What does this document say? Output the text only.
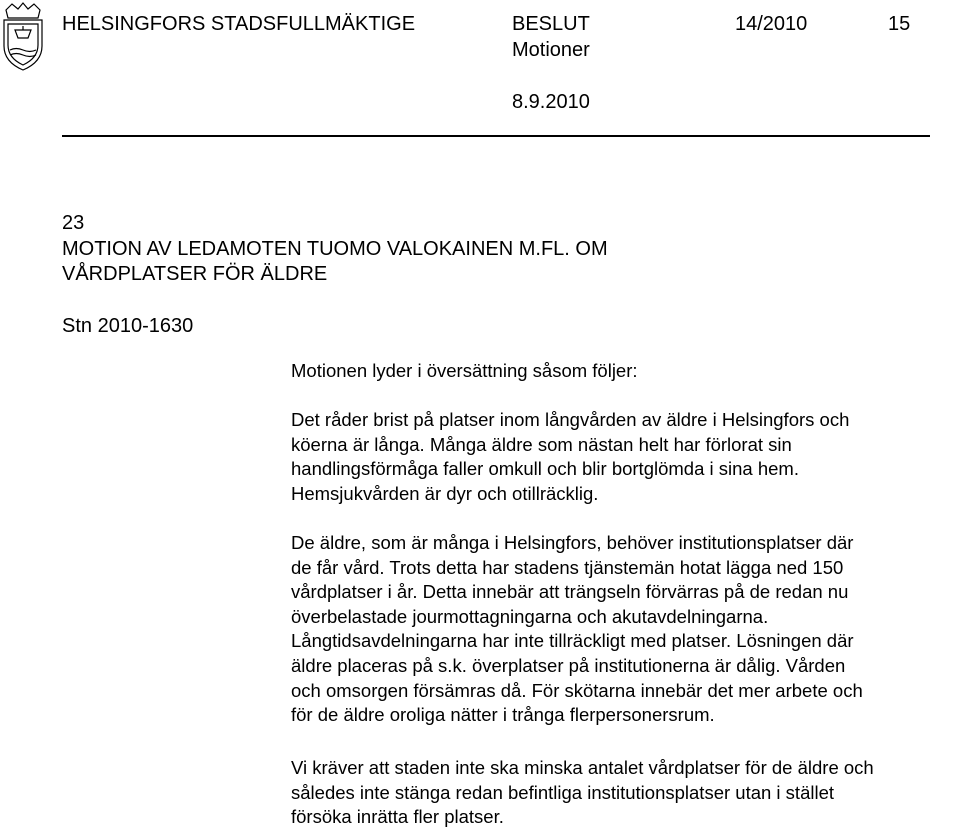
HELSINGFORS STADSFULLMÄKTIGE	BESLUT	14/2010	15
Motioner
8.9.2010
23
MOTION AV LEDAMOTEN TUOMO VALOKAINEN M.FL. OM
VÅRDPLATSER FÖR ÄLDRE
Stn 2010-1630
Motionen lyder i översättning såsom följer:

Det råder brist på platser inom långvården av äldre i Helsingfors och

köerna är långa. Många äldre som nästan helt har förlorat sin

handlingsförmåga faller omkull och blir bortglömda i sina hem.

Hemsjukvården är dyr och otillräcklig.

De äldre, som är många i Helsingfors, behöver institutionsplatser där

de får vård. Trots detta har stadens tjänstemän hotat lägga ned 150

vårdplatser i år. Detta innebär att trängseln förvärras på de redan nu

överbelastade jourmottagningarna och akutavdelningarna.

Långtidsavdelningarna har inte tillräckligt med platser. Lösningen där

äldre placeras på s.k. överplatser på institutionerna är dålig. Vården

och omsorgen försämras då. För skötarna innebär det mer arbete och

för de äldre oroliga nätter i trånga flerpersonersrum.

Vi kräver att staden inte ska minska antalet vårdplatser för de äldre och

således inte stänga redan befintliga institutionsplatser utan i stället

försöka inrätta fler platser.
